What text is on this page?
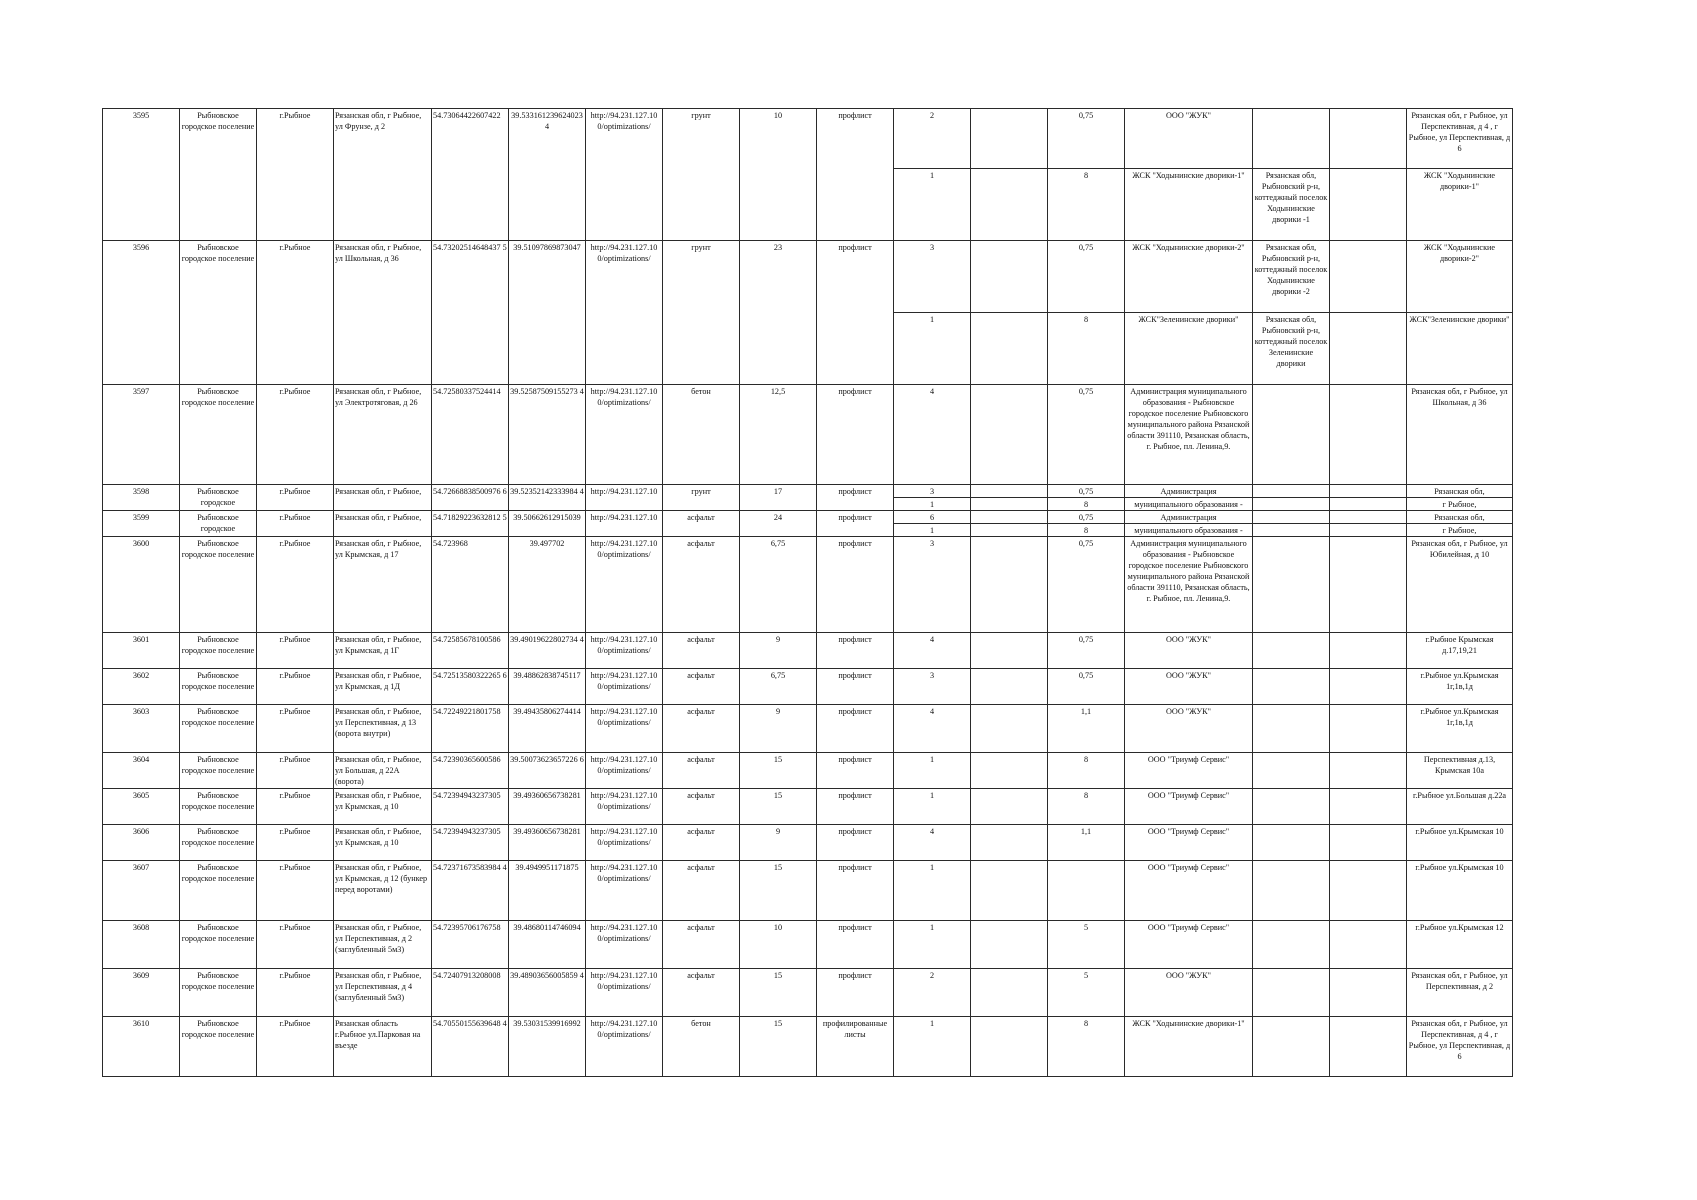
3595	Рыбновское городское поселение	г.Рыбное	Рязанская обл, г Рыбное, ул Фрунзе, д 2	54.73064422607422	39.533161239624023 4	http://94.231.127.10 0/optimizations/	грунт	10	профлист	2		0,75	ООО "ЖУК"			Рязанская обл, г Рыбное, ул Перспективная, д 4 , г Рыбное, ул Перспективная, д 6
										1		8	ЖСК "Ходынинские дворики-1"	Рязанская обл, Рыбновский р-н, коттеджный поселок Ходынинские дворики -1		ЖСК "Ходынинские дворики-1"
3596	Рыбновское городское поселение	г.Рыбное	Рязанская обл, г Рыбное, ул Школьная, д 36	54.73202514648437 5	39.51097869873047	http://94.231.127.10 0/optimizations/	грунт	23	профлист	3		0,75	ЖСК "Ходынинские дворики-2"	Рязанская обл, Рыбновский р-н, коттеджный поселок Ходынинские дворики -2		ЖСК "Ходынинские дворики-2"
										1		8	ЖСК"Зеленинские дворики"	Рязанская обл, Рыбновский р-н, коттеджный поселок Зеленинские дворики		ЖСК"Зеленинские дворики"
3597	Рыбновское городское поселение	г.Рыбное	Рязанская обл, г Рыбное, ул Электротяговая, д 26	54.72580337524414	39.52587509155273 4	http://94.231.127.10 0/optimizations/	бетон	12,5	профлист	4		0,75	Администрация муниципального образования - Рыбновское городское поселение Рыбновского муниципального района Рязанской области 391110, Рязанская область, г. Рыбное, пл. Ленина,9.			Рязанская обл, г Рыбное, ул Школьная, д 36
3598	Рыбновское городское	г.Рыбное	Рязанская обл, г Рыбное,	54.72668838500976 6	39.52352142333984 4	http://94.231.127.10	грунт	17	профлист	3		0,75	Администрация			Рязанская обл,
										1		8	муниципального образования -			г Рыбное,
3599	Рыбновское городское	г.Рыбное	Рязанская обл, г Рыбное,	54.71829223632812 5	39.50662612915039	http://94.231.127.10	асфальт	24	профлист	6		0,75	Администрация			Рязанская обл,
										1		8	муниципального образования -			г Рыбное,
3600	Рыбновское городское поселение	г.Рыбное	Рязанская обл, г Рыбное, ул Крымская, д 17	54.723968	39.497702	http://94.231.127.10 0/optimizations/	асфальт	6,75	профлист	3		0,75	Администрация муниципального образования - Рыбновское городское поселение Рыбновского муниципального района Рязанской области 391110, Рязанская область, г. Рыбное, пл. Ленина,9.			Рязанская обл, г Рыбное, ул Юбилейная, д 10
3601	Рыбновское городское поселение	г.Рыбное	Рязанская обл, г Рыбное, ул Крымская, д 1Г	54.72585678100586	39.49019622802734 4	http://94.231.127.10 0/optimizations/	асфальт	9	профлист	4		0,75	ООО "ЖУК"			г.Рыбное Крымская д.17,19,21
3602	Рыбновское городское поселение	г.Рыбное	Рязанская обл, г Рыбное, ул Крымская, д 1Д	54.72513580322265 6	39.48862838745117	http://94.231.127.10 0/optimizations/	асфальт	6,75	профлист	3		0,75	ООО "ЖУК"			г.Рыбное ул.Крымская 1г,1в,1д
3603	Рыбновское городское поселение	г.Рыбное	Рязанская обл, г Рыбное, ул Перспективная, д 13 (ворота внутри)	54.72249221801758	39.49435806274414	http://94.231.127.10 0/optimizations/	асфальт	9	профлист	4		1,1	ООО "ЖУК"			г.Рыбное ул.Крымская 1г,1в,1д
3604	Рыбновское городское поселение	г.Рыбное	Рязанская обл, г Рыбное, ул Большая, д 22А (ворота)	54.72390365600586	39.50073623657226 6	http://94.231.127.10 0/optimizations/	асфальт	15	профлист	1		8	ООО "Триумф Сервис"			Перспективная д.13, Крымская 10а
3605	Рыбновское городское поселение	г.Рыбное	Рязанская обл, г Рыбное, ул Крымская, д 10	54.72394943237305	39.49360656738281	http://94.231.127.10 0/optimizations/	асфальт	15	профлист	1		8	ООО "Триумф Сервис"			г.Рыбное ул.Большая д.22а
3606	Рыбновское городское поселение	г.Рыбное	Рязанская обл, г Рыбное, ул Крымская, д 10	54.72394943237305	39.49360656738281	http://94.231.127.10 0/optimizations/	асфальт	9	профлист	4		1,1	ООО "Триумф Сервис"			г.Рыбное ул.Крымская 10
3607	Рыбновское городское поселение	г.Рыбное	Рязанская обл, г Рыбное, ул Крымская, д 12 (бункер перед воротами)	54.72371673583984 4	39.4949951171875	http://94.231.127.10 0/optimizations/	асфальт	15	профлист	1			ООО "Триумф Сервис"			г.Рыбное ул.Крымская 10
3608	Рыбновское городское поселение	г.Рыбное	Рязанская обл, г Рыбное, ул Перспективная, д 2 (заглубленный 5м3)	54.72395706176758	39.48680114746094	http://94.231.127.10 0/optimizations/	асфальт	10	профлист	1		5	ООО "Триумф Сервис"			г.Рыбное ул.Крымская 12
3609	Рыбновское городское поселение	г.Рыбное	Рязанская обл, г Рыбное, ул Перспективная, д 4 (заглубленный 5м3)	54.72407913208008	39.48903656005859 4	http://94.231.127.10 0/optimizations/	асфальт	15	профлист	2		5	ООО "ЖУК"			Рязанская обл, г Рыбное, ул Перспективная, д 2
3610	Рыбновское городское поселение	г.Рыбное	Рязанская область г.Рыбное ул.Парковая на въезде	54.70550155639648 4	39.53031539916992	http://94.231.127.10 0/optimizations/	бетон	15	профилированные листы	1		8	ЖСК "Ходынинские дворики-1"			Рязанская обл, г Рыбное, ул Перспективная, д 4 , г Рыбное, ул Перспективная, д 6
